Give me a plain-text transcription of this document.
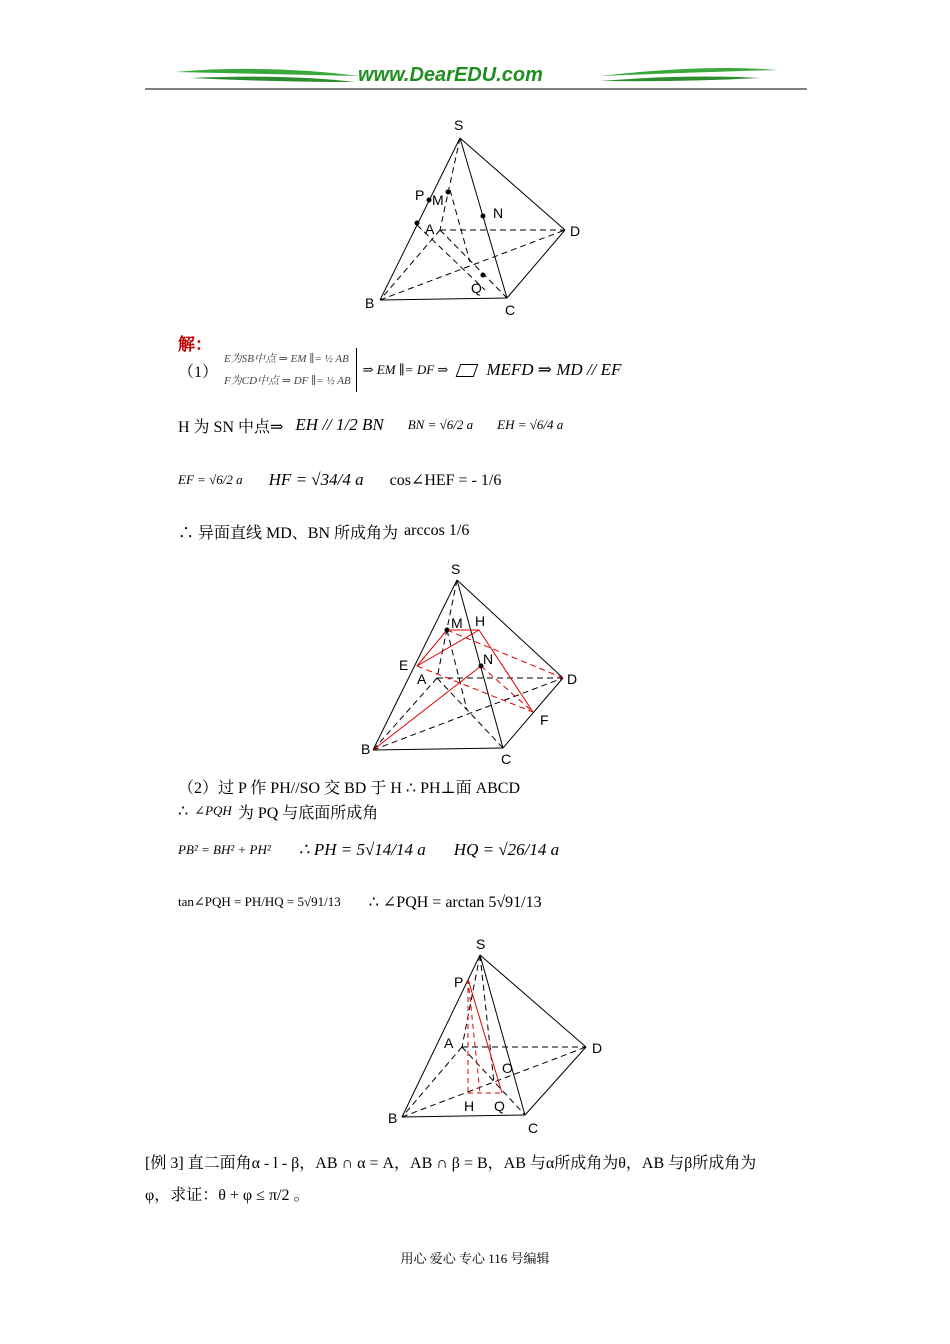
www.DearEDU.com
S
P M
N
A	D
Q
B	C
解：
（1）
E为SB中点 ⇒ EM ∥= ½ AB
F为CD中点 ⇒ DF ∥= ½ AB
⇒ EM ∥= DF ⇒ MEFD ⇒ MD // EF
H 为 SN 中点⇒ EH // 1/2 BN BN = √6/2 a EH = √6/4 a
EF = √6/2 a HF = √34/4 a cos∠HEF = - 1/6
∴ 异面直线 MD、BN 所成角为 arccos 1/6
S
M H
E	N
A	D
F
B
C
（2）过 P 作 PH//SO 交 BD 于 H ∴ PH⊥面 ABCD
∴ ∠PQH 为 PQ 与底面所成角
PB² = BH² + PH² ∴ PH = 5√14/14 a HQ = √26/14 a
tan∠PQH = PH/HQ = 5√91/13 ∴ ∠PQH = arctan 5√91/13
S
P
A	D
O
B
H Q
C
[例 3] 直二面角α - l - β，AB ∩ α = A，AB ∩ β = B，AB 与α所成角为θ，AB 与β所成角为
φ，求证：θ + φ ≤ π/2 。
用心 爱心 专心 116 号编辑
